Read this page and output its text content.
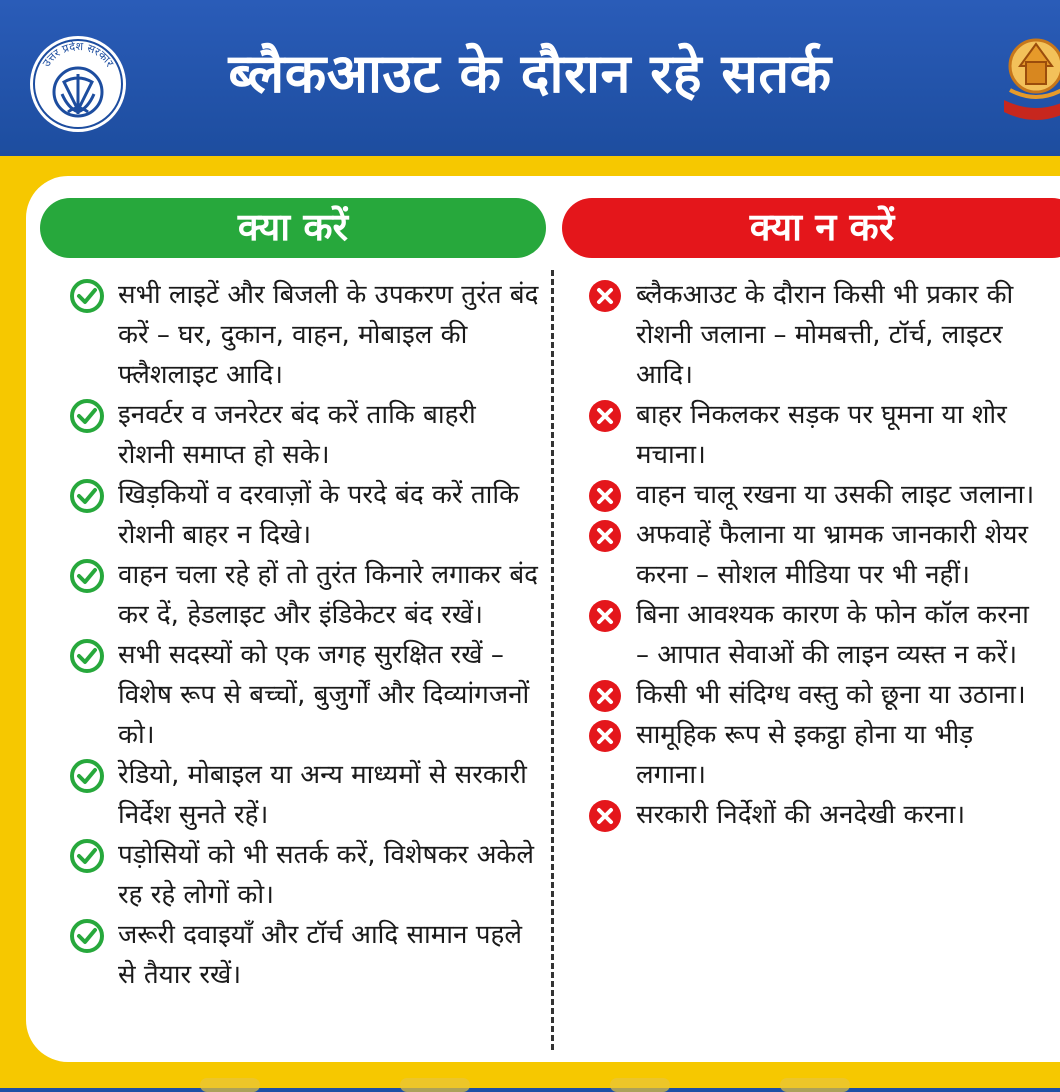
उत्तर प्रदेश सरकार	ब्लैकआउट के दौरान रहे सतर्क
क्या करें	क्या न करें
सभी लाइटें और बिजली के उपकरण तुरंत बंद करें – घर, दुकान, वाहन, मोबाइल की फ्लैशलाइट आदि।
इनवर्टर व जनरेटर बंद करें ताकि बाहरी रोशनी समाप्त हो सके।
खिड़कियों व दरवाज़ों के परदे बंद करें ताकि रोशनी बाहर न दिखे।
वाहन चला रहे हों तो तुरंत किनारे लगाकर बंद कर दें, हेडलाइट और इंडिकेटर बंद रखें।
सभी सदस्यों को एक जगह सुरक्षित रखें – विशेष रूप से बच्चों, बुजुर्गों और दिव्यांगजनों को।
रेडियो, मोबाइल या अन्य माध्यमों से सरकारी निर्देश सुनते रहें।
पड़ोसियों को भी सतर्क करें, विशेषकर अकेले रह रहे लोगों को।
जरूरी दवाइयाँ और टॉर्च आदि सामान पहले से तैयार रखें।
ब्लैकआउट के दौरान किसी भी प्रकार की रोशनी जलाना – मोमबत्ती, टॉर्च, लाइटर आदि।
बाहर निकलकर सड़क पर घूमना या शोर मचाना।
वाहन चालू रखना या उसकी लाइट जलाना।
अफवाहें फैलाना या भ्रामक जानकारी शेयर करना – सोशल मीडिया पर भी नहीं।
बिना आवश्यक कारण के फोन कॉल करना – आपात सेवाओं की लाइन व्यस्त न करें।
किसी भी संदिग्ध वस्तु को छूना या उठाना।
सामूहिक रूप से इकट्ठा होना या भीड़ लगाना।
सरकारी निर्देशों की अनदेखी करना।
